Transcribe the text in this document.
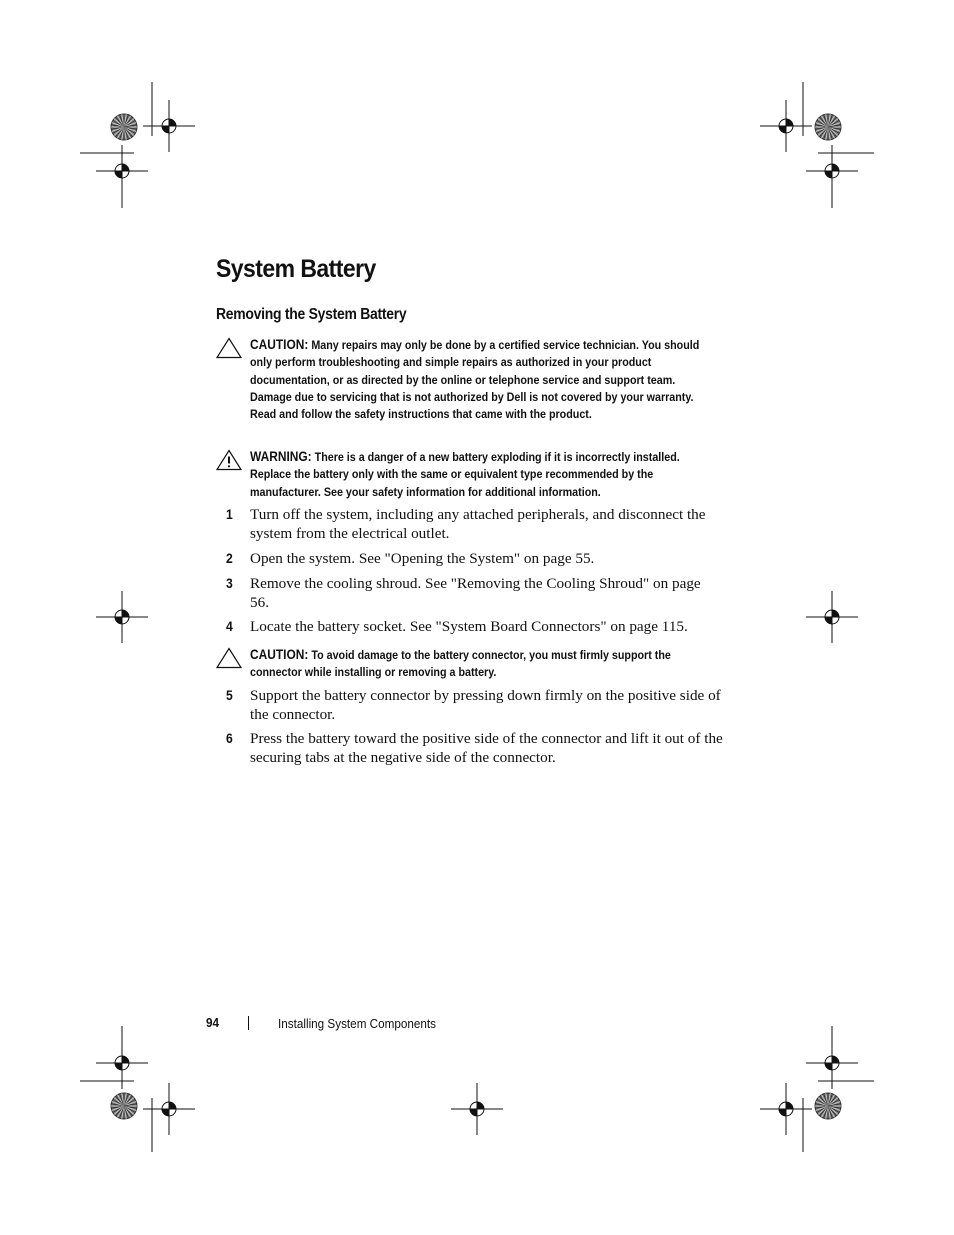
System Battery
Removing the System Battery

CAUTION: Many repairs may only be done by a certified service technician. You should only perform troubleshooting and simple repairs as authorized in your product documentation, or as directed by the online or telephone service and support team. Damage due to servicing that is not authorized by Dell is not covered by your warranty. Read and follow the safety instructions that came with the product.

WARNING: There is a danger of a new battery exploding if it is incorrectly installed. Replace the battery only with the same or equivalent type recommended by the manufacturer. See your safety information for additional information.

1 Turn off the system, including any attached peripherals, and disconnect the system from the electrical outlet.

2 Open the system. See "Opening the System" on page 55.

3 Remove the cooling shroud. See "Removing the Cooling Shroud" on page 56.

4 Locate the battery socket. See "System Board Connectors" on page 115.

CAUTION: To avoid damage to the battery connector, you must firmly support the connector while installing or removing a battery.

5 Support the battery connector by pressing down firmly on the positive side of the connector.

6 Press the battery toward the positive side of the connector and lift it out of the securing tabs at the negative side of the connector.

94	Installing System Components
